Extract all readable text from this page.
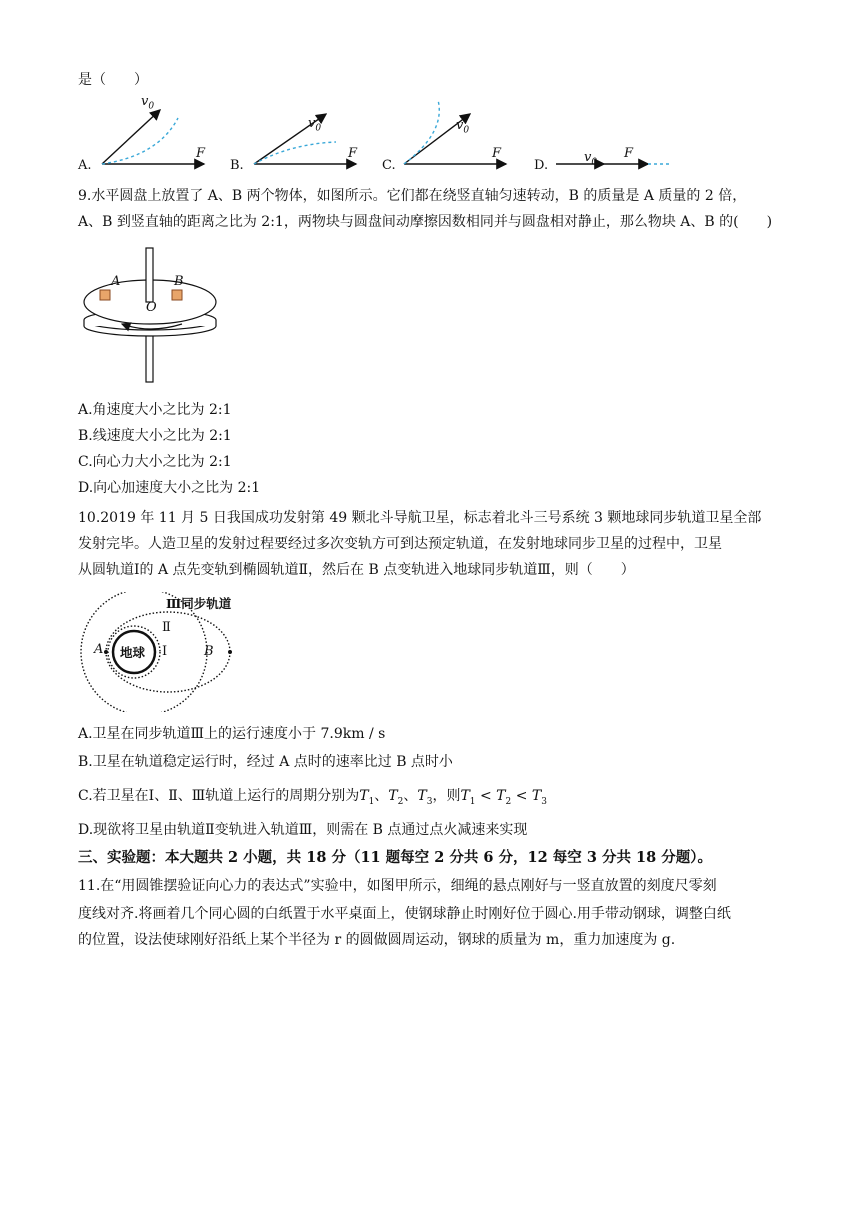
是（　　）
A.
$v_0$
F
B.
$v_0$
F
C.
$v_0$
F
D.
$v_0$
F
9.水平圆盘上放置了 A、B 两个物体，如图所示。它们都在绕竖直轴匀速转动，B 的质量是 A 质量的 2 倍，
A、B 到竖直轴的距离之比为 2:1，两物块与圆盘间动摩擦因数相同并与圆盘相对静止，那么物块 A、B 的(　　)
A	B
O
A.角速度大小之比为 2:1
B.线速度大小之比为 2:1
C.向心力大小之比为 2:1
D.向心加速度大小之比为 2:1
10.2019 年 11 月 5 日我国成功发射第 49 颗北斗导航卫星，标志着北斗三号系统 3 颗地球同步轨道卫星全部
发射完毕。人造卫星的发射过程要经过多次变轨方可到达预定轨道，在发射地球同步卫星的过程中，卫星
从圆轨道Ⅰ的 A 点先变轨到椭圆轨道Ⅱ，然后在 B 点变轨进入地球同步轨道Ⅲ，则（　　）
Ⅲ同步轨道
Ⅱ
Ⅰ
地球
A	B
A.卫星在同步轨道Ⅲ上的运行速度小于 7.9km / s
B.卫星在轨道稳定运行时，经过 A 点时的速率比过 B 点时小
C.若卫星在Ⅰ、Ⅱ、Ⅲ轨道上运行的周期分别为$T_1$、$T_2$、$T_3$，则$T_1 < T_2 < T_3$
D.现欲将卫星由轨道Ⅱ变轨进入轨道Ⅲ，则需在 B 点通过点火减速来实现
三、实验题：本大题共 2 小题，共 18 分（11 题每空 2 分共 6 分，12 每空 3 分共 18 分题）。
11.在“用圆锥摆验证向心力的表达式”实验中，如图甲所示，细绳的悬点刚好与一竖直放置的刻度尺零刻
度线对齐.将画着几个同心圆的白纸置于水平桌面上，使钢球静止时刚好位于圆心.用手带动钢球，调整白纸
的位置，设法使球刚好沿纸上某个半径为 r 的圆做圆周运动，钢球的质量为 m，重力加速度为 g.
